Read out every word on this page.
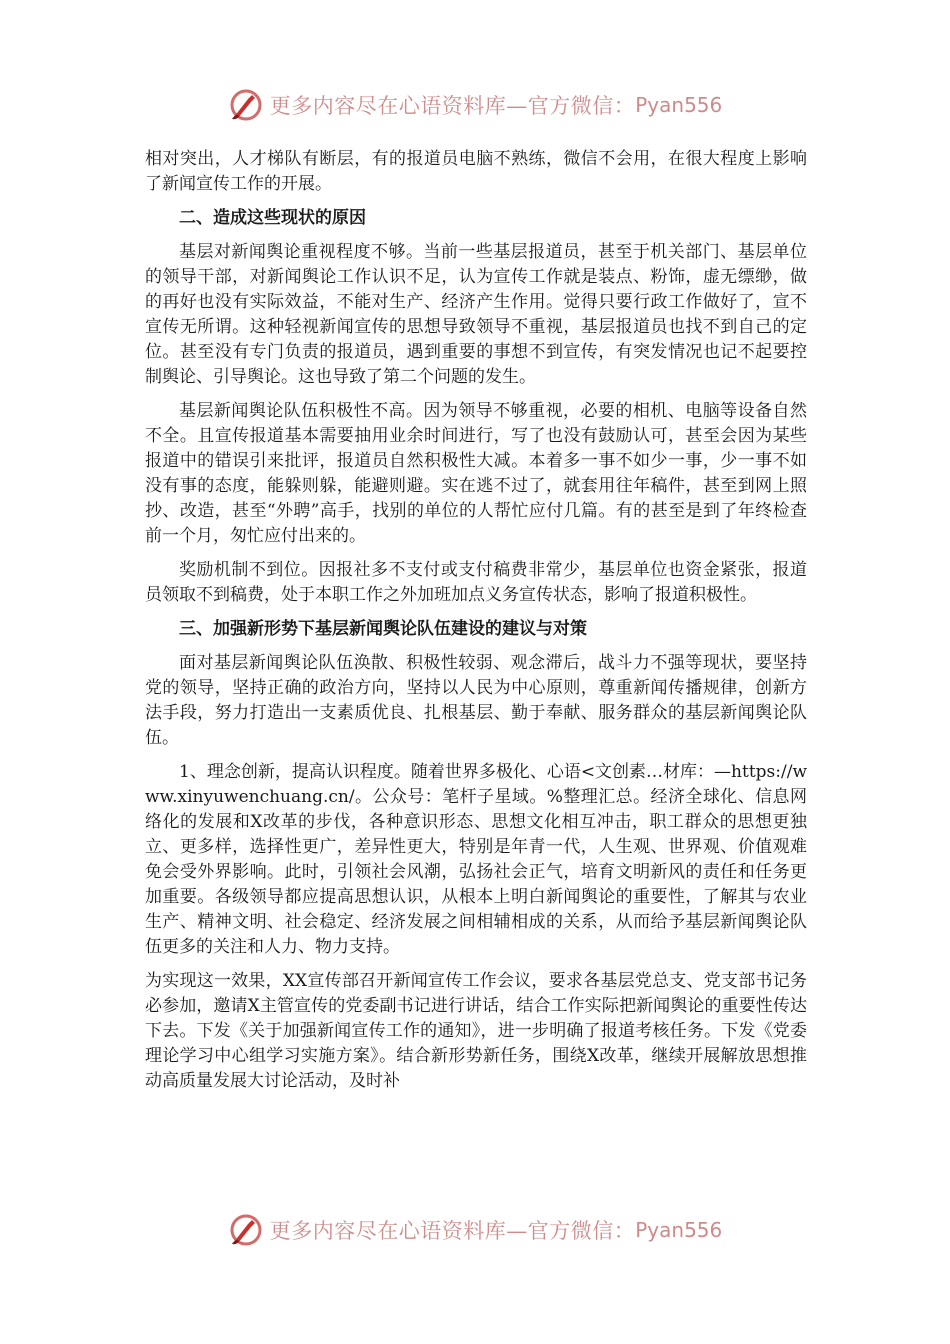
更多内容尽在心语资料库—官方微信： Pyan556

相对突出，人才梯队有断层，有的报道员电脑不熟练，微信不会用，在很大程度上影响了新闻宣传工作的开展。

二、造成这些现状的原因

基层对新闻舆论重视程度不够。当前一些基层报道员，甚至于机关部门、基层单位的领导干部，对新闻舆论工作认识不足，认为宣传工作就是装点、粉饰，虚无缥缈，做的再好也没有实际效益，不能对生产、经济产生作用。觉得只要行政工作做好了，宣不宣传无所谓。这种轻视新闻宣传的思想导致领导不重视，基层报道员也找不到自己的定位。甚至没有专门负责的报道员，遇到重要的事想不到宣传，有突发情况也记不起要控制舆论、引导舆论。这也导致了第二个问题的发生。

基层新闻舆论队伍积极性不高。因为领导不够重视，必要的相机、电脑等设备自然不全。且宣传报道基本需要抽用业余时间进行，写了也没有鼓励认可，甚至会因为某些报道中的错误引来批评，报道员自然积极性大减。本着多一事不如少一事，少一事不如没有事的态度，能躲则躲，能避则避。实在逃不过了，就套用往年稿件，甚至到网上照抄、改造，甚至“外聘”高手，找别的单位的人帮忙应付几篇。有的甚至是到了年终检查前一个月，匆忙应付出来的。

奖励机制不到位。因报社多不支付或支付稿费非常少，基层单位也资金紧张，报道员领取不到稿费，处于本职工作之外加班加点义务宣传状态，影响了报道积极性。

三、加强新形势下基层新闻舆论队伍建设的建议与对策

面对基层新闻舆论队伍涣散、积极性较弱、观念滞后，战斗力不强等现状，要坚持党的领导，坚持正确的政治方向，坚持以人民为中心原则，尊重新闻传播规律，创新方法手段，努力打造出一支素质优良、扎根基层、勤于奉献、服务群众的基层新闻舆论队伍。

1、理念创新，提高认识程度。随着世界多极化、心语<文创素…材库：—https://www.xinyuwenchuang.cn/。公众号：笔杆子星域。%整理汇总。经济全球化、信息网络化的发展和X改革的步伐，各种意识形态、思想文化相互冲击，职工群众的思想更独立、更多样，选择性更广，差异性更大，特别是年青一代，人生观、世界观、价值观难免会受外界影响。此时，引领社会风潮，弘扬社会正气，培育文明新风的责任和任务更加重要。各级领导都应提高思想认识，从根本上明白新闻舆论的重要性，了解其与农业生产、精神文明、社会稳定、经济发展之间相辅相成的关系，从而给予基层新闻舆论队伍更多的关注和人力、物力支持。

为实现这一效果，XX宣传部召开新闻宣传工作会议，要求各基层党总支、党支部书记务必参加，邀请X主管宣传的党委副书记进行讲话，结合工作实际把新闻舆论的重要性传达下去。下发《关于加强新闻宣传工作的通知》，进一步明确了报道考核任务。下发《党委理论学习中心组学习实施方案》。结合新形势新任务，围绕X改革，继续开展解放思想推动高质量发展大讨论活动，及时补

更多内容尽在心语资料库—官方微信： Pyan556
